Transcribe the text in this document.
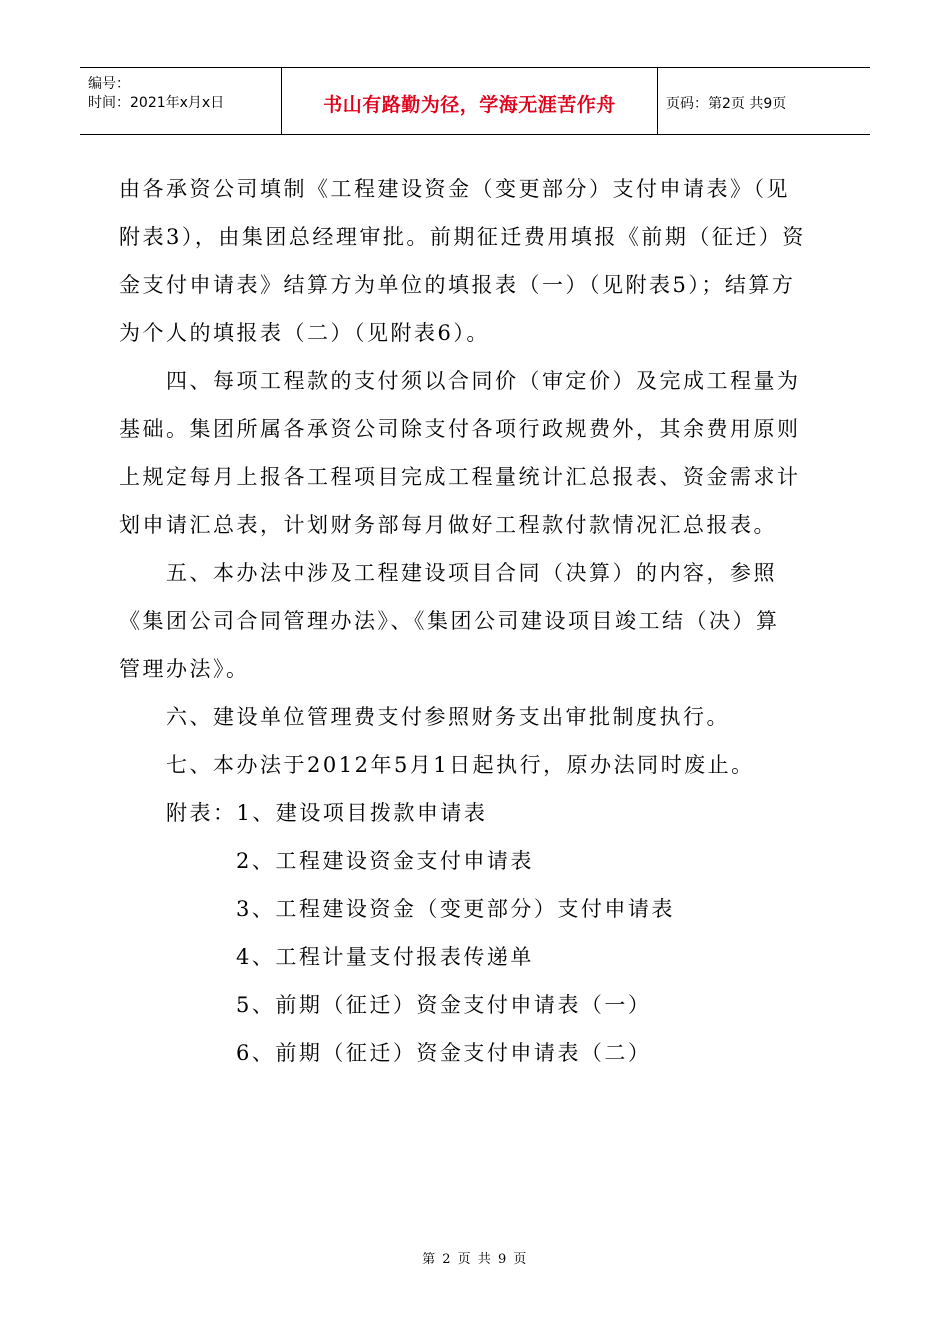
编号：
时间：2021年x月x日	书山有路勤为径，学海无涯苦作舟	页码：第2页 共9页
由各承资公司填制《工程建设资金（变更部分）支付申请表》（见
附表3），由集团总经理审批。前期征迁费用填报《前期（征迁）资
金支付申请表》结算方为单位的填报表（一）（见附表5）；结算方
为个人的填报表（二）（见附表6）。
四、每项工程款的支付须以合同价（审定价）及完成工程量为
基础。集团所属各承资公司除支付各项行政规费外，其余费用原则
上规定每月上报各工程项目完成工程量统计汇总报表、资金需求计
划申请汇总表，计划财务部每月做好工程款付款情况汇总报表。
五、本办法中涉及工程建设项目合同（决算）的内容，参照
《集团公司合同管理办法》、《集团公司建设项目竣工结（决）算
管理办法》。
六、建设单位管理费支付参照财务支出审批制度执行。
七、本办法于2012年5月1日起执行，原办法同时废止。
附表：1、建设项目拨款申请表
2、工程建设资金支付申请表
3、工程建设资金（变更部分）支付申请表
4、工程计量支付报表传递单
5、前期（征迁）资金支付申请表（一）
6、前期（征迁）资金支付申请表（二）
第 2 页 共 9 页
